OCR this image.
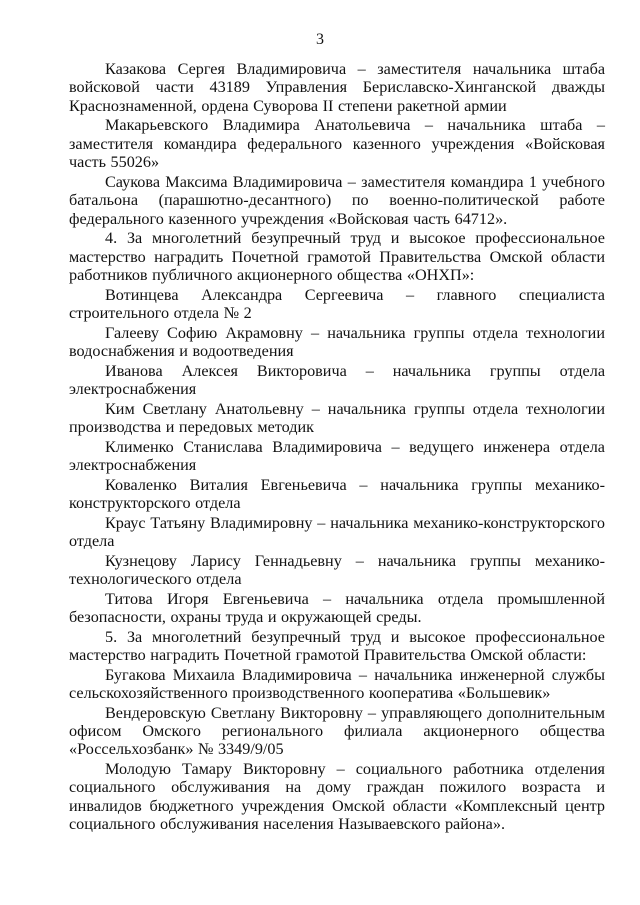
3

Казакова Сергея Владимировича – заместителя начальника штаба войсковой части 43189 Управления Бериславско-Хинганской дважды Краснознаменной, ордена Суворова II степени ракетной армии

Макарьевского Владимира Анатольевича – начальника штаба – заместителя командира федерального казенного учреждения «Войсковая часть 55026»

Саукова Максима Владимировича – заместителя командира 1 учебного батальона (парашютно-десантного) по военно-политической работе федерального казенного учреждения «Войсковая часть 64712».

4. За многолетний безупречный труд и высокое профессиональное мастерство наградить Почетной грамотой Правительства Омской области работников публичного акционерного общества «ОНХП»:

Вотинцева Александра Сергеевича – главного специалиста строительного отдела № 2

Галееву Софию Акрамовну – начальника группы отдела технологии водоснабжения и водоотведения

Иванова Алексея Викторовича – начальника группы отдела электроснабжения

Ким Светлану Анатольевну – начальника группы отдела технологии производства и передовых методик

Клименко Станислава Владимировича – ведущего инженера отдела электроснабжения

Коваленко Виталия Евгеньевича – начальника группы механико-конструкторского отдела

Краус Татьяну Владимировну – начальника механико-конструкторского отдела

Кузнецову Ларису Геннадьевну – начальника группы механико-технологического отдела

Титова Игоря Евгеньевича – начальника отдела промышленной безопасности, охраны труда и окружающей среды.

5. За многолетний безупречный труд и высокое профессиональное мастерство наградить Почетной грамотой Правительства Омской области:

Бугакова Михаила Владимировича – начальника инженерной службы сельскохозяйственного производственного кооператива «Большевик»

Вендеровскую Светлану Викторовну – управляющего дополнительным офисом Омского регионального филиала акционерного общества «Россельхозбанк» № 3349/9/05

Молодую Тамару Викторовну – социального работника отделения социального обслуживания на дому граждан пожилого возраста и инвалидов бюджетного учреждения Омской области «Комплексный центр социального обслуживания населения Называевского района».
